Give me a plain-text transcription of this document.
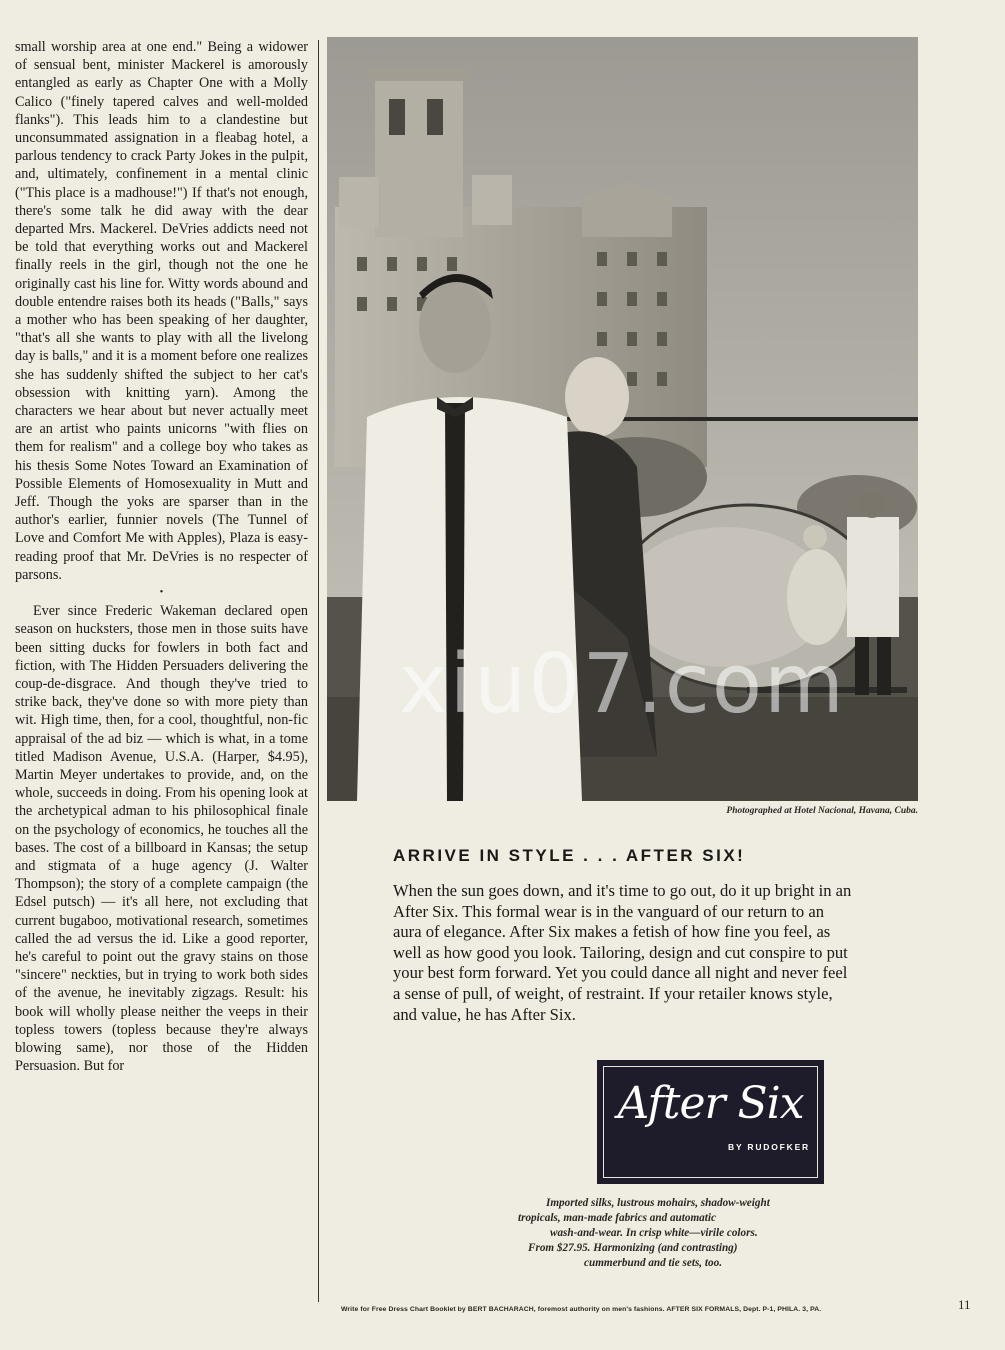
small worship area at one end." Being a widower of sensual bent, minister Mackerel is amorously entangled as early as Chapter One with a Molly Calico ("finely tapered calves and well-molded flanks"). This leads him to a clandestine but unconsummated assignation in a fleabag hotel, a parlous tendency to crack Party Jokes in the pulpit, and, ultimately, confinement in a mental clinic ("This place is a madhouse!") If that's not enough, there's some talk he did away with the dear departed Mrs. Mackerel. DeVries addicts need not be told that everything works out and Mackerel finally reels in the girl, though not the one he originally cast his line for. Witty words abound and double entendre raises both its heads ("Balls," says a mother who has been speaking of her daughter, "that's all she wants to play with all the livelong day is balls," and it is a moment before one realizes she has suddenly shifted the subject to her cat's obsession with knitting yarn). Among the characters we hear about but never actually meet are an artist who paints unicorns "with flies on them for realism" and a college boy who takes as his thesis Some Notes Toward an Examination of Possible Elements of Homosexuality in Mutt and Jeff. Though the yoks are sparser than in the author's earlier, funnier novels (The Tunnel of Love and Comfort Me with Apples), Plaza is easy-reading proof that Mr. DeVries is no respecter of parsons.

•

Ever since Frederic Wakeman declared open season on hucksters, those men in those suits have been sitting ducks for fowlers in both fact and fiction, with The Hidden Persuaders delivering the coup-de-disgrace. And though they've tried to strike back, they've done so with more piety than wit. High time, then, for a cool, thoughtful, non-fic appraisal of the ad biz — which is what, in a tome titled Madison Avenue, U.S.A. (Harper, $4.95), Martin Meyer undertakes to provide, and, on the whole, succeeds in doing. From his opening look at the archetypical adman to his philosophical finale on the psychology of economics, he touches all the bases. The cost of a billboard in Kansas; the setup and stigmata of a huge agency (J. Walter Thompson); the story of a complete campaign (the Edsel putsch) — it's all here, not excluding that current bugaboo, motivational research, sometimes called the ad versus the id. Like a good reporter, he's careful to point out the gravy stains on those "sincere" neckties, but in trying to work both sides of the avenue, he inevitably zigzags. Result: his book will wholly please neither the veeps in their topless towers (topless because they're always blowing same), nor those of the Hidden Persuasion. But for

xiu07.com
Photographed at Hotel Nacional, Havana, Cuba.
ARRIVE IN STYLE . . . AFTER SIX!
When the sun goes down, and it's time to go out, do it up bright in an After Six. This formal wear is in the vanguard of our return to an aura of elegance. After Six makes a fetish of how fine you feel, as well as how good you look. Tailoring, design and cut conspire to put your best form forward. Yet you could dance all night and never feel a sense of pull, of weight, of restraint. If your retailer knows style, and value, he has After Six.
After Six
BY RUDOFKER
Imported silks, lustrous mohairs, shadow-weight
tropicals, man-made fabrics and automatic
wash-and-wear. In crisp white—virile colors.
From $27.95. Harmonizing (and contrasting)
cummerbund and tie sets, too.
Write for Free Dress Chart Booklet by BERT BACHARACH, foremost authority on men's fashions. AFTER SIX FORMALS, Dept. P-1, PHILA. 3, PA.	11
